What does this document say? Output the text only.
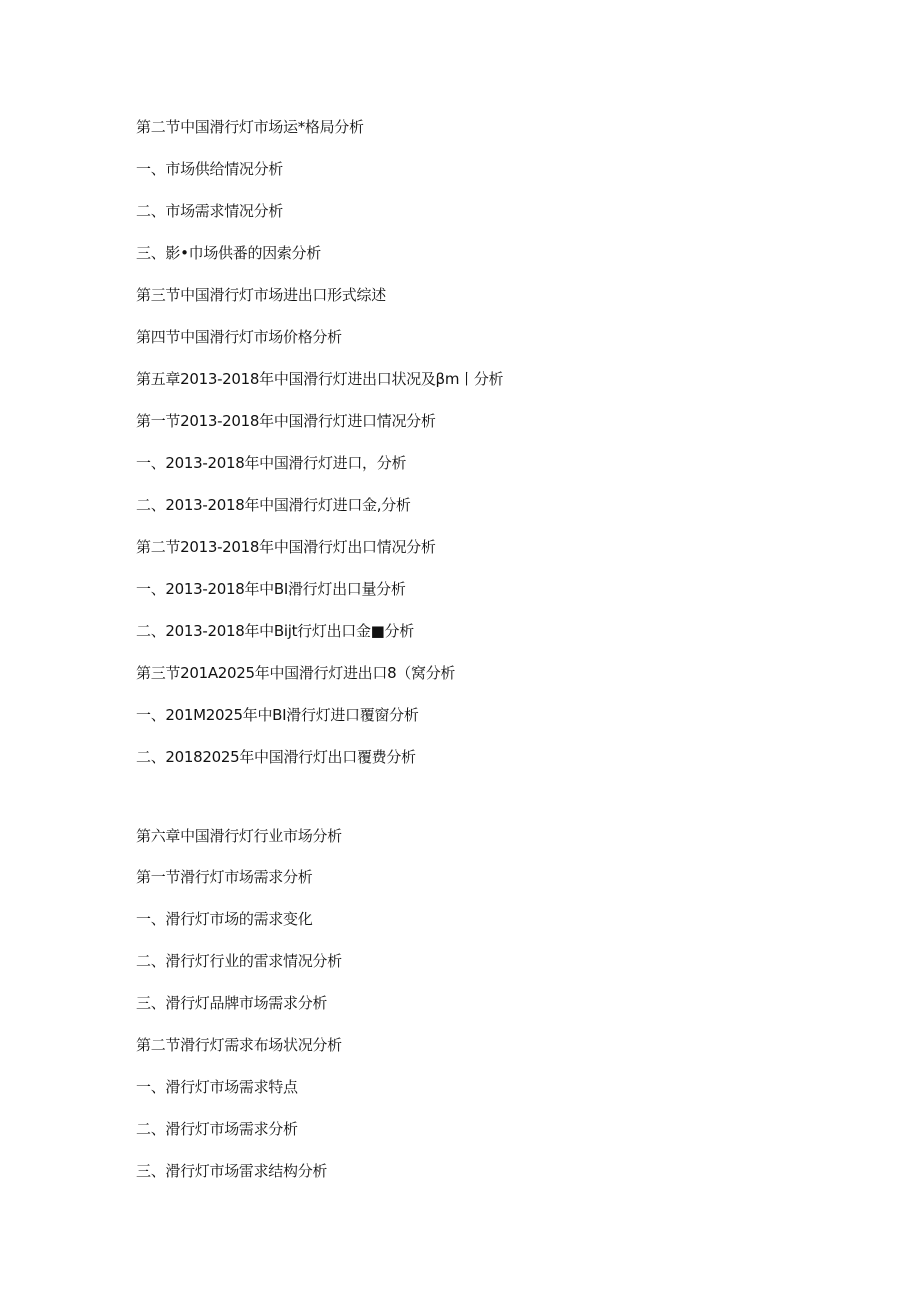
第二节中国滑行灯市场运*格局分析
一、市场供给情况分析
二、市场需求情况分析
三、影•巾场供番的因索分析
第三节中国滑行灯市场进出口形式综述
第四节中国滑行灯市场价格分析
第五章2013-2018年中国滑行灯进出口状况及βm丨分析
第一节2013-2018年中国滑行灯进口情况分析
一、2013-2018年中国滑行灯进口，分析
二、2013-2018年中国滑行灯进口金,分析
第二节2013-2018年中国滑行灯出口情况分析
一、2013-2018年中BI滑行灯出口量分析
二、2013-2018年中Bijt行灯出口金■分析
第三节201A2025年中国滑行灯进出口8（窝分析
一、201M2025年中BI滑行灯进口覆窗分析
二、20182025年中国滑行灯出口覆费分析
第六章中国滑行灯行业市场分析
第一节滑行灯市场需求分析
一、滑行灯市场的需求变化
二、滑行灯行业的雷求情况分析
三、滑行灯品牌市场需求分析
第二节滑行灯需求布场状况分析
一、滑行灯市场需求特点
二、滑行灯市场需求分析
三、滑行灯市场雷求结构分析
